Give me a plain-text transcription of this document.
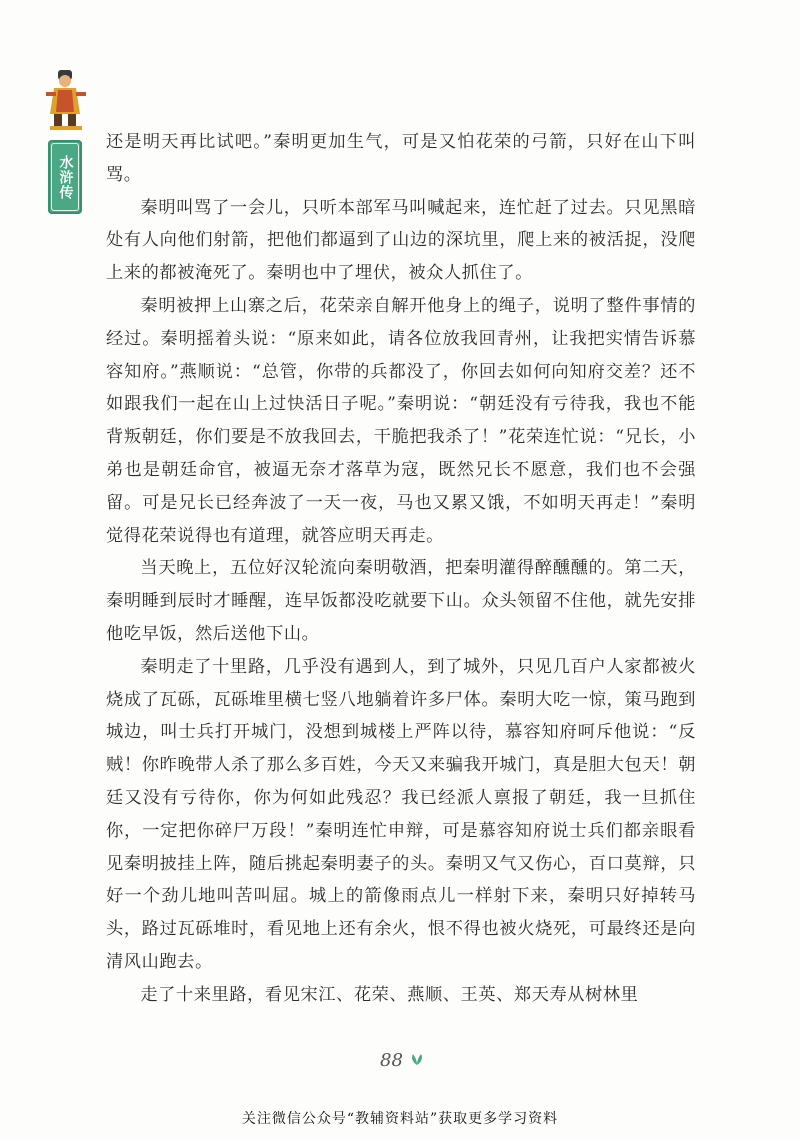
水浒传

还是明天再比试吧。”秦明更加生气，可是又怕花荣的弓箭，只好在山下叫骂。

秦明叫骂了一会儿，只听本部军马叫喊起来，连忙赶了过去。只见黑暗处有人向他们射箭，把他们都逼到了山边的深坑里，爬上来的被活捉，没爬上来的都被淹死了。秦明也中了埋伏，被众人抓住了。

秦明被押上山寨之后，花荣亲自解开他身上的绳子，说明了整件事情的经过。秦明摇着头说：“原来如此，请各位放我回青州，让我把实情告诉慕容知府。”燕顺说：“总管，你带的兵都没了，你回去如何向知府交差？还不如跟我们一起在山上过快活日子呢。”秦明说：“朝廷没有亏待我，我也不能背叛朝廷，你们要是不放我回去，干脆把我杀了！”花荣连忙说：“兄长，小弟也是朝廷命官，被逼无奈才落草为寇，既然兄长不愿意，我们也不会强留。可是兄长已经奔波了一天一夜，马也又累又饿，不如明天再走！”秦明觉得花荣说得也有道理，就答应明天再走。

当天晚上，五位好汉轮流向秦明敬酒，把秦明灌得醉醺醺的。第二天，秦明睡到辰时才睡醒，连早饭都没吃就要下山。众头领留不住他，就先安排他吃早饭，然后送他下山。

秦明走了十里路，几乎没有遇到人，到了城外，只见几百户人家都被火烧成了瓦砾，瓦砾堆里横七竖八地躺着许多尸体。秦明大吃一惊，策马跑到城边，叫士兵打开城门，没想到城楼上严阵以待，慕容知府呵斥他说：“反贼！你昨晚带人杀了那么多百姓，今天又来骗我开城门，真是胆大包天！朝廷又没有亏待你，你为何如此残忍？我已经派人禀报了朝廷，我一旦抓住你，一定把你碎尸万段！”秦明连忙申辩，可是慕容知府说士兵们都亲眼看见秦明披挂上阵，随后挑起秦明妻子的头。秦明又气又伤心，百口莫辩，只好一个劲儿地叫苦叫屈。城上的箭像雨点儿一样射下来，秦明只好掉转马头，路过瓦砾堆时，看见地上还有余火，恨不得也被火烧死，可最终还是向清风山跑去。

走了十来里路，看见宋江、花荣、燕顺、王英、郑天寿从树林里

88
关注微信公众号“教辅资料站”获取更多学习资料
